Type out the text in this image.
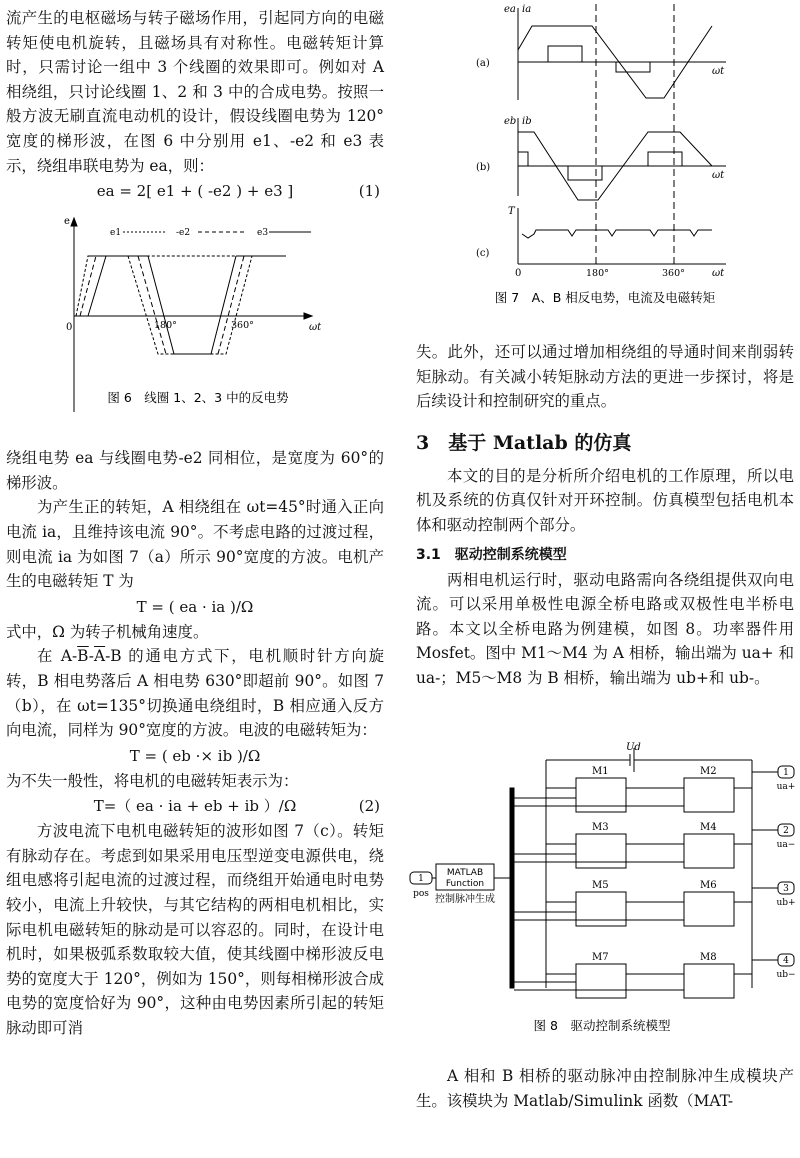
流产生的电枢磁场与转子磁场作用，引起同方向的电磁转矩使电机旋转，且磁场具有对称性。电磁转矩计算时，只需讨论一组中 3 个线圈的效果即可。例如对 A 相绕组，只讨论线圈 1、2 和 3 中的合成电势。按照一般方波无刷直流电动机的设计，假设线圈电势为 120°宽度的梯形波，在图 6 中分别用 e1、-e2 和 e3 表示，绕组串联电势为 ea，则：

ea = 2[ e1 + ( -e2 ) + e3 ]	(1)
e
e1	-e2	e3
0	180°	360°	ωt
图 6　线圈 1、2、3 中的反电势

绕组电势 ea 与线圈电势-e2 同相位，是宽度为 60°的梯形波。

为产生正的转矩，A 相绕组在 ωt=45°时通入正向电流 ia，且维持该电流 90°。不考虑电路的过渡过程，则电流 ia 为如图 7（a）所示 90°宽度的方波。电机产生的电磁转矩 T 为

T = ( ea · ia )/Ω

式中，Ω 为转子机械角速度。

在 $A-\overline{B}-\overline{A}-B$ 的通电方式下，电机顺时针方向旋转，B 相电势落后 A 相电势 630°即超前 90°。如图 7（b），在 ωt=135°切换通电绕组时，B 相应通入反方向电流，同样为 90°宽度的方波。电波的电磁转矩为：

T = ( eb ·× ib )/Ω

为不失一般性，将电机的电磁转矩表示为：

T=（ ea · ia + eb + ib ）/Ω	(2)

方波电流下电机电磁转矩的波形如图 7（c）。转矩有脉动存在。考虑到如果采用电压型逆变电源供电，绕组电感将引起电流的过渡过程，而绕组开始通电时电势较小，电流上升较快，与其它结构的两相电机相比，实际电机电磁转矩的脉动是可以容忍的。同时，在设计电机时，如果极弧系数取较大值，使其线圈中梯形波反电势的宽度大于 120°，例如为 150°，则每相梯形波合成电势的宽度恰好为 90°，这种由电势因素所引起的转矩脉动即可消

ea ia
(a)
ωt
eb ib
(b)
ωt
T
(c)
0	180°	360°	ωt
图 7　A、B 相反电势，电流及电磁转矩

失。此外，还可以通过增加相绕组的导通时间来削弱转矩脉动。有关减小转矩脉动方法的更进一步探讨，将是后续设计和控制研究的重点。

3　基于 Matlab 的仿真

本文的目的是分析所介绍电机的工作原理，所以电机及系统的仿真仅针对开环控制。仿真模型包括电机本体和驱动控制两个部分。

3.1　驱动控制系统模型

两相电机运行时，驱动电路需向各绕组提供双向电流。可以采用单极性电源全桥电路或双极性电半桥电路。本文以全桥电路为例建模，如图 8。功率器件用 Mosfet。图中 M1～M4 为 A 相桥，输出端为 ua+ 和 ua-；M5～M8 为 B 相桥，输出端为 ub+和 ub-。

Ud
1
pos
MATLAB
Function
控制脉冲生成
M1	M2
M3	M4
M5	M6
M7	M8
1
ua+
2
ua−
3
ub+
4
ub−
图 8　驱动控制系统模型

A 相和 B 相桥的驱动脉冲由控制脉冲生成模块产生。该模块为 Matlab/Simulink 函数（MAT-
